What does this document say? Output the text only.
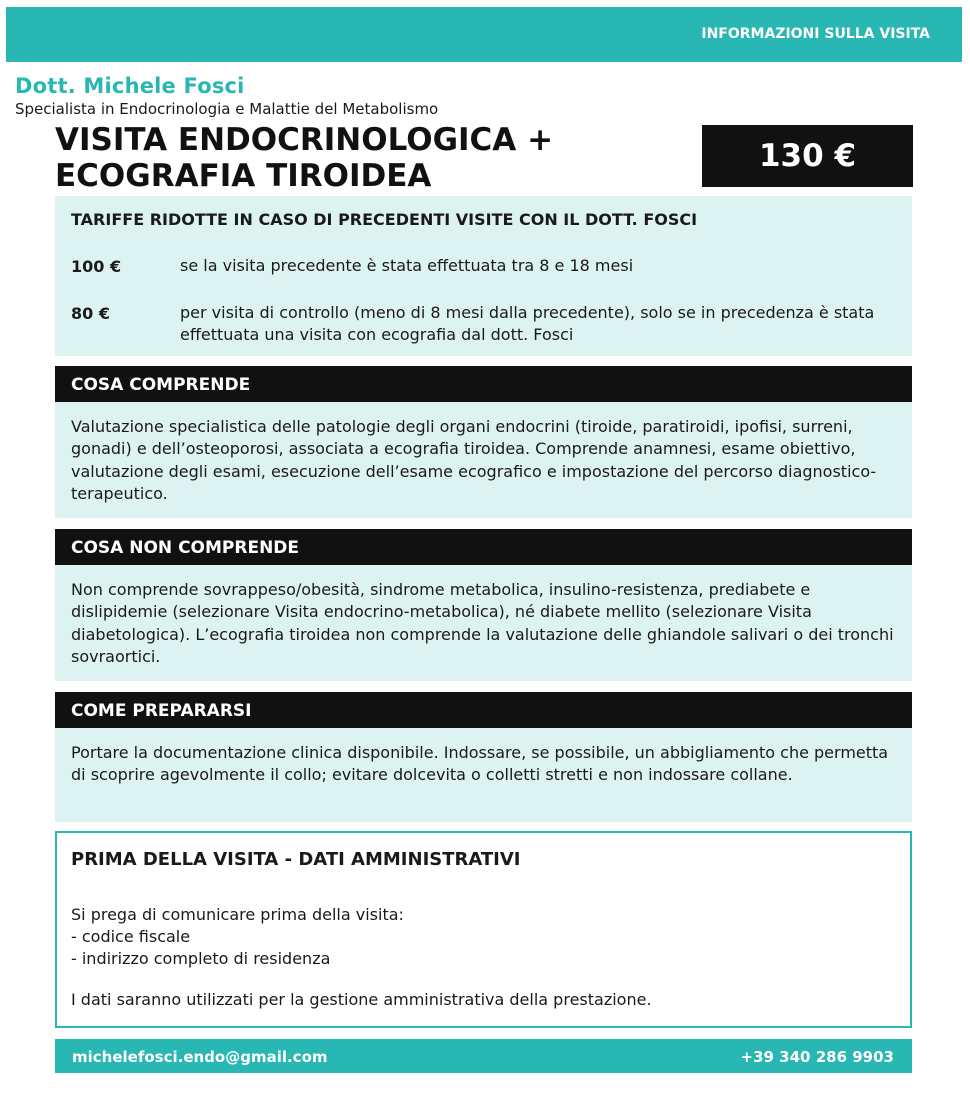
INFORMAZIONI SULLA VISITA
Dott. Michele Fosci
Specialista in Endocrinologia e Malattie del Metabolismo
VISITA ENDOCRINOLOGICA +
ECOGRAFIA TIROIDEA
130 €
TARIFFE RIDOTTE IN CASO DI PRECEDENTI VISITE CON IL DOTT. FOSCI
100 €	se la visita precedente è stata effettuata tra 8 e 18 mesi
80 €	per visita di controllo (meno di 8 mesi dalla precedente), solo se in precedenza è stata effettuata una visita con ecografia dal dott. Fosci
COSA COMPRENDE
Valutazione specialistica delle patologie degli organi endocrini (tiroide, paratiroidi, ipofisi, surreni, gonadi) e dell’osteoporosi, associata a ecografia tiroidea. Comprende anamnesi, esame obiettivo, valutazione degli esami, esecuzione dell’esame ecografico e impostazione del percorso diagnostico-terapeutico.
COSA NON COMPRENDE
Non comprende sovrappeso/obesità, sindrome metabolica, insulino-resistenza, prediabete e dislipidemie (selezionare Visita endocrino-metabolica), né diabete mellito (selezionare Visita diabetologica). L’ecografia tiroidea non comprende la valutazione delle ghiandole salivari o dei tronchi sovraortici.
COME PREPARARSI
Portare la documentazione clinica disponibile. Indossare, se possibile, un abbigliamento che permetta di scoprire agevolmente il collo; evitare dolcevita o colletti stretti e non indossare collane.
PRIMA DELLA VISITA - DATI AMMINISTRATIVI
Si prega di comunicare prima della visita:
- codice fiscale
- indirizzo completo di residenza
I dati saranno utilizzati per la gestione amministrativa della prestazione.
michelefosci.endo@gmail.com	+39 340 286 9903
